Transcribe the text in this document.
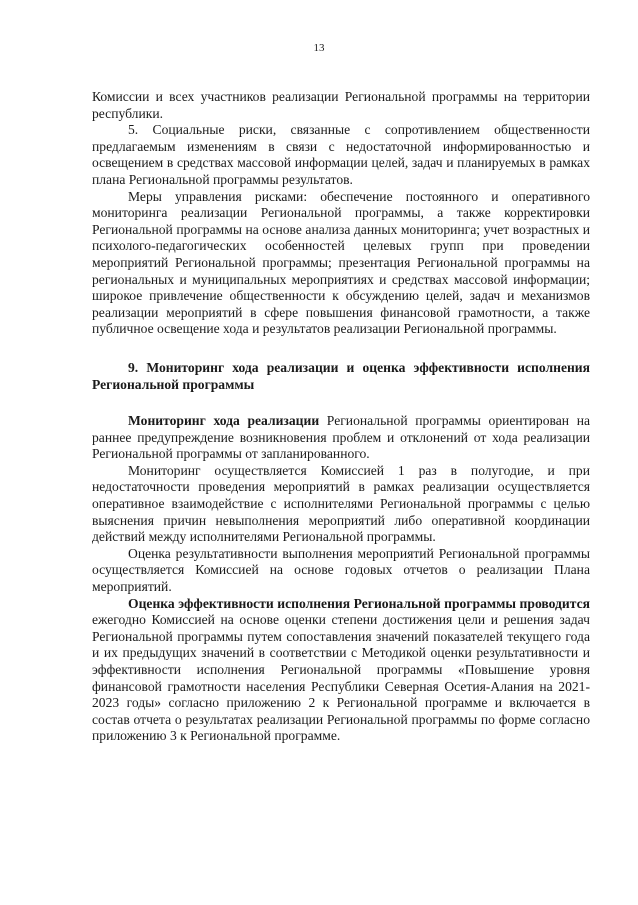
13

Комиссии и всех участников реализации Региональной программы на территории республики.

5. Социальные риски, связанные с сопротивлением общественности предлагаемым изменениям в связи с недостаточной информированностью и освещением в средствах массовой информации целей, задач и планируемых в рамках плана Региональной программы результатов.

Меры управления рисками: обеспечение постоянного и оперативного мониторинга реализации Региональной программы, а также корректировки Региональной программы на основе анализа данных мониторинга; учет возрастных и психолого-педагогических особенностей целевых групп при проведении мероприятий Региональной программы; презентация Региональной программы на региональных и муниципальных мероприятиях и средствах массовой информации; широкое привлечение общественности к обсуждению целей, задач и механизмов реализации мероприятий в сфере повышения финансовой грамотности, а также публичное освещение хода и результатов реализации Региональной программы.

9. Мониторинг хода реализации и оценка эффективности исполнения Региональной программы

Мониторинг хода реализации Региональной программы ориентирован на раннее предупреждение возникновения проблем и отклонений от хода реализации Региональной программы от запланированного.

Мониторинг осуществляется Комиссией 1 раз в полугодие, и при недостаточности проведения мероприятий в рамках реализации осуществляется оперативное взаимодействие с исполнителями Региональной программы с целью выяснения причин невыполнения мероприятий либо оперативной координации действий между исполнителями Региональной программы.

Оценка результативности выполнения мероприятий Региональной программы осуществляется Комиссией на основе годовых отчетов о реализации Плана мероприятий.

Оценка эффективности исполнения Региональной программы проводится ежегодно Комиссией на основе оценки степени достижения цели и решения задач Региональной программы путем сопоставления значений показателей текущего года и их предыдущих значений в соответствии с Методикой оценки результативности и эффективности исполнения Региональной программы «Повышение уровня финансовой грамотности населения Республики Северная Осетия-Алания на 2021-2023 годы» согласно приложению 2 к Региональной программе и включается в состав отчета о результатах реализации Региональной программы по форме согласно приложению 3 к Региональной программе.
